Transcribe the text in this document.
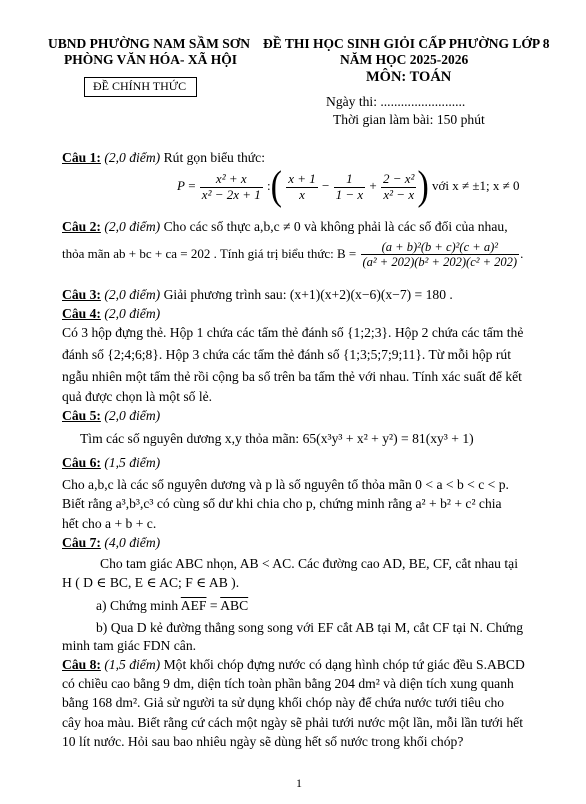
UBND PHƯỜNG NAM SẦM SƠN
PHÒNG VĂN HÓA- XÃ HỘI
ĐỀ CHÍNH THỨC
ĐỀ THI HỌC SINH GIỎI CẤP PHƯỜNG LỚP 8
NĂM HỌC 2025-2026
MÔN: TOÁN
Ngày thi: .........................
Thời gian làm bài: 150 phút
Câu 1: (2,0 điểm) Rút gọn biểu thức:
$P = \frac{\text{x² + x}}{\text{x² − 2x + 1}}$ :( $\frac{x + 1}{x} - \frac{1}{1 - x} + \frac{\text{2 − x²}}{\text{x² − x}}$ ) với x ≠ ±1; x ≠ 0
Câu 2: (2,0 điểm) Cho các số thực a,b,c ≠ 0 và không phải là các số đối của nhau,
thỏa mãn ab + bc + ca = 202 . Tính giá trị biểu thức: $B = \frac{\text{(a + b)²(b + c)²(c + a)²}}{\text{(a² + 202)(b² + 202)(c² + 202)}}$ .
Câu 3: (2,0 điểm) Giải phương trình sau: (x+1)(x+2)(x−6)(x−7) = 180 .
Câu 4: (2,0 điểm)
Có 3 hộp đựng thẻ. Hộp 1 chứa các tấm thẻ đánh số {1;2;3}. Hộp 2 chứa các tấm thẻ
đánh số {2;4;6;8}. Hộp 3 chứa các tấm thẻ đánh số {1;3;5;7;9;11}. Từ mỗi hộp rút
ngẫu nhiên một tấm thẻ rồi cộng ba số trên ba tấm thẻ với nhau. Tính xác suất để kết
quả được chọn là một số lẻ.
Câu 5: (2,0 điểm)
Tìm các số nguyên dương x,y thỏa mãn: 65(x³y³ + x² + y²) = 81(xy³ + 1)
Câu 6: (1,5 điểm)
Cho a,b,c là các số nguyên dương và p là số nguyên tố thỏa mãn 0 < a < b < c < p.
Biết rằng a³,b³,c³ có cùng số dư khi chia cho p, chứng minh rằng a² + b² + c² chia
hết cho a + b + c.
Câu 7: (4,0 điểm)
Cho tam giác ABC nhọn, AB < AC. Các đường cao AD, BE, CF, cắt nhau tại
H ( D ∈ BC, E ∈ AC; F ∈ AB ).
a) Chứng minh $\overline{AEF} = \overline{ABC}$
b) Qua D kẻ đường thẳng song song với EF cắt AB tại M, cắt CF tại N. Chứng
minh tam giác FDN cân.
Câu 8: (1,5 điểm) Một khối chóp đựng nước có dạng hình chóp tứ giác đều S.ABCD
có chiều cao bằng 9 dm, diện tích toàn phần bằng 204 dm² và diện tích xung quanh
bằng 168 dm². Giả sử người ta sử dụng khối chóp này để chứa nước tưới tiêu cho
cây hoa màu. Biết rằng cứ cách một ngày sẽ phải tưới nước một lần, mỗi lần tưới hết
10 lít nước. Hỏi sau bao nhiêu ngày sẽ dùng hết số nước trong khối chóp?
1
